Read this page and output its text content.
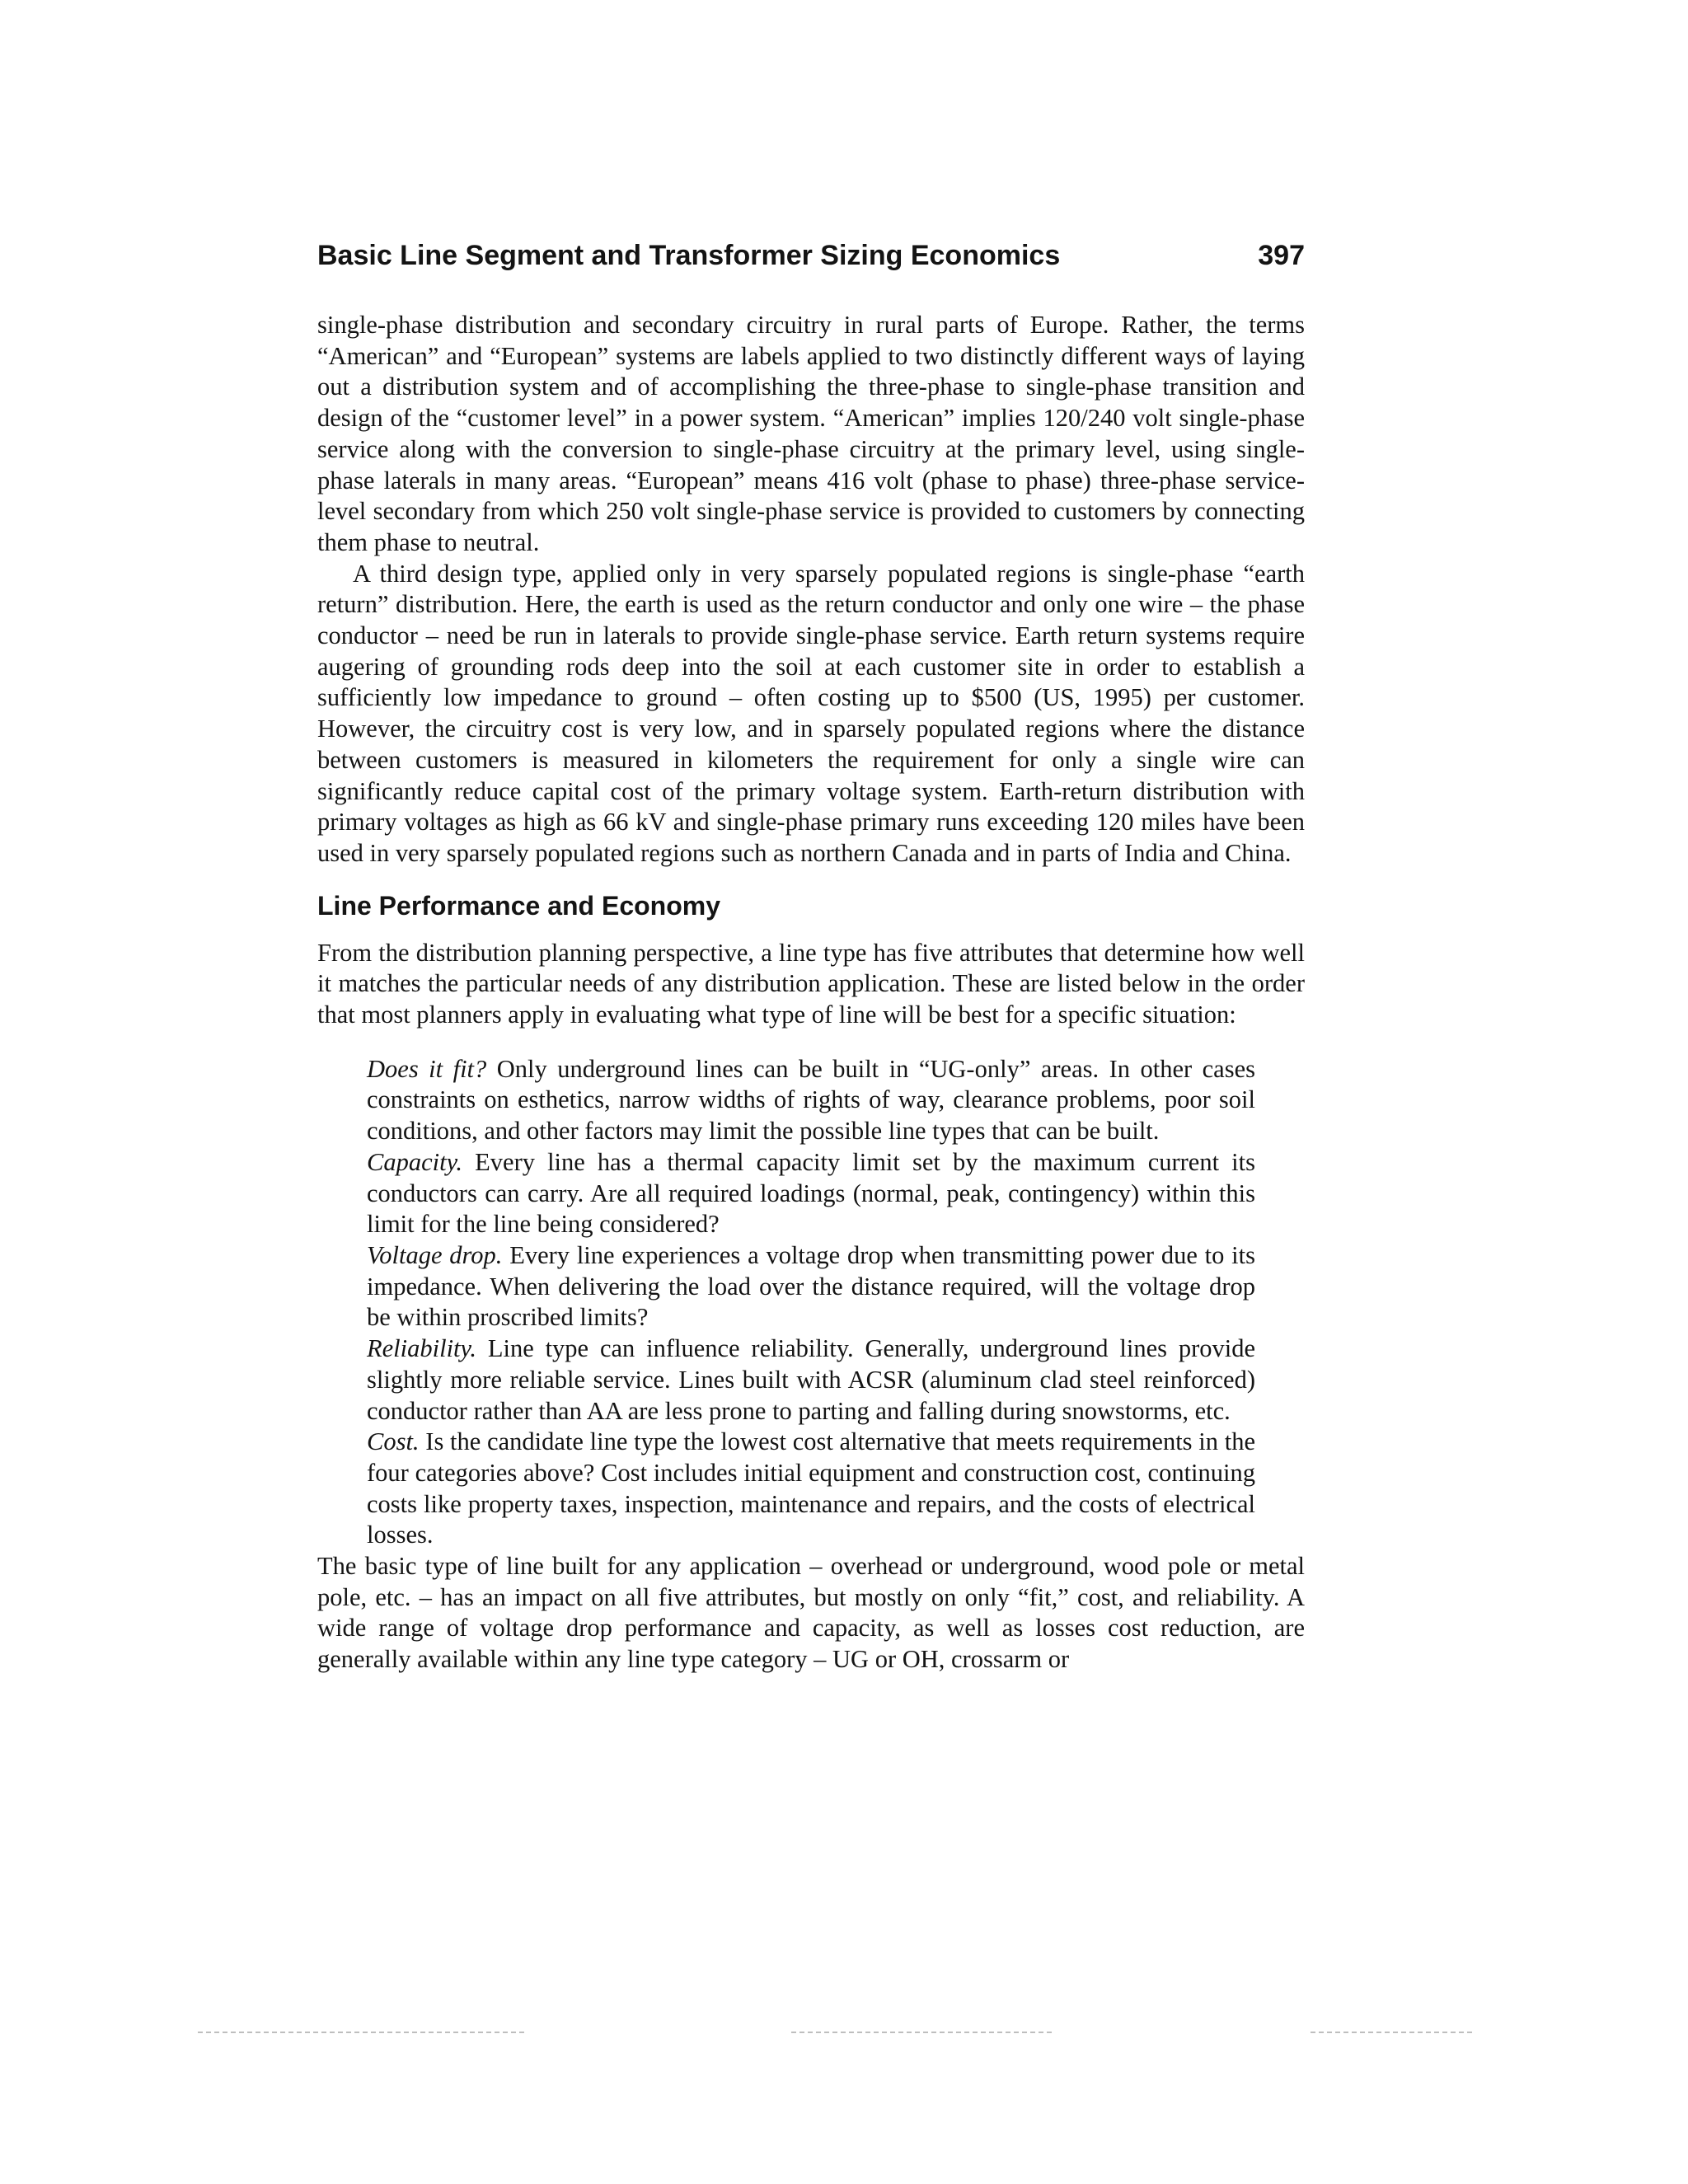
Basic Line Segment and Transformer Sizing Economics	397

single-phase distribution and secondary circuitry in rural parts of Europe. Rather, the terms “American” and “European” systems are labels applied to two distinctly different ways of laying out a distribution system and of accomplishing the three-phase to single-phase transition and design of the “customer level” in a power system. “American” implies 120/240 volt single-phase service along with the conversion to single-phase circuitry at the primary level, using single-phase laterals in many areas. “European” means 416 volt (phase to phase) three-phase service-level secondary from which 250 volt single-phase service is provided to customers by connecting them phase to neutral.

A third design type, applied only in very sparsely populated regions is single-phase “earth return” distribution. Here, the earth is used as the return conductor and only one wire – the phase conductor – need be run in laterals to provide single-phase service. Earth return systems require augering of grounding rods deep into the soil at each customer site in order to establish a sufficiently low impedance to ground – often costing up to $500 (US, 1995) per customer. However, the circuitry cost is very low, and in sparsely populated regions where the distance between customers is measured in kilometers the requirement for only a single wire can significantly reduce capital cost of the primary voltage system. Earth-return distribution with primary voltages as high as 66 kV and single-phase primary runs exceeding 120 miles have been used in very sparsely populated regions such as northern Canada and in parts of India and China.

Line Performance and Economy

From the distribution planning perspective, a line type has five attributes that determine how well it matches the particular needs of any distribution application. These are listed below in the order that most planners apply in evaluating what type of line will be best for a specific situation:

Does it fit? Only underground lines can be built in “UG-only” areas. In other cases constraints on esthetics, narrow widths of rights of way, clearance problems, poor soil conditions, and other factors may limit the possible line types that can be built.

Capacity. Every line has a thermal capacity limit set by the maximum current its conductors can carry. Are all required loadings (normal, peak, contingency) within this limit for the line being considered?

Voltage drop. Every line experiences a voltage drop when transmitting power due to its impedance. When delivering the load over the distance required, will the voltage drop be within proscribed limits?

Reliability. Line type can influence reliability. Generally, underground lines provide slightly more reliable service. Lines built with ACSR (aluminum clad steel reinforced) conductor rather than AA are less prone to parting and falling during snowstorms, etc.

Cost. Is the candidate line type the lowest cost alternative that meets requirements in the four categories above? Cost includes initial equipment and construction cost, continuing costs like property taxes, inspection, maintenance and repairs, and the costs of electrical losses.

The basic type of line built for any application – overhead or underground, wood pole or metal pole, etc. – has an impact on all five attributes, but mostly on only “fit,” cost, and reliability. A wide range of voltage drop performance and capacity, as well as losses cost reduction, are generally available within any line type category – UG or OH, crossarm or
